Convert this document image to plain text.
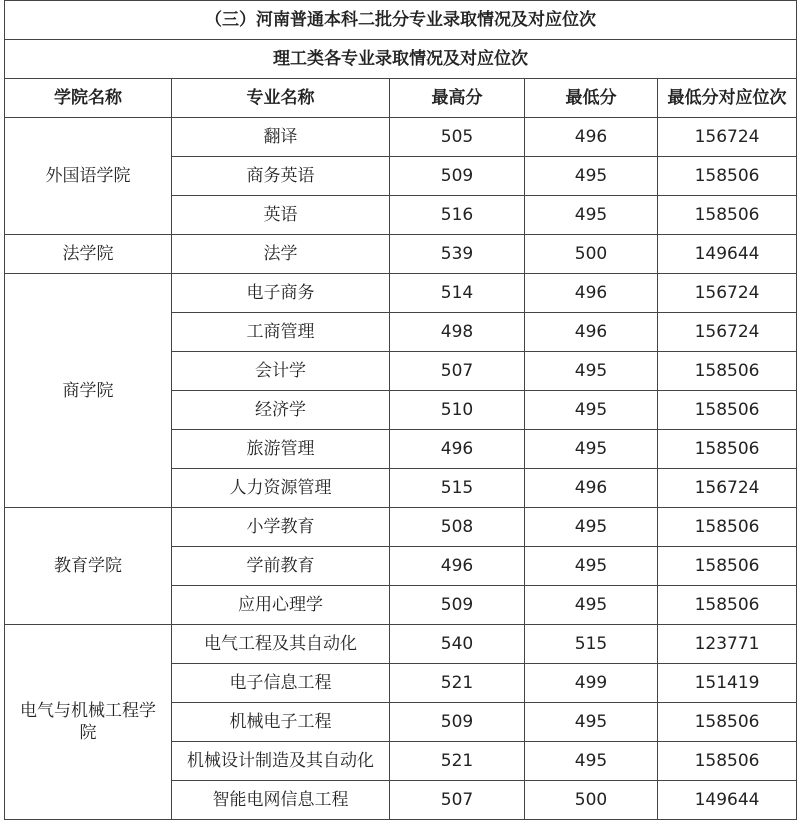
（三）河南普通本科二批分专业录取情况及对应位次				
理工类各专业录取情况及对应位次				
学院名称	专业名称	最高分	最低分	最低分对应位次
外国语学院	翻译	505	496	156724
	商务英语	509	495	158506
	英语	516	495	158506
法学院	法学	539	500	149644
商学院	电子商务	514	496	156724
	工商管理	498	496	156724
	会计学	507	495	158506
	经济学	510	495	158506
	旅游管理	496	495	158506
	人力资源管理	515	496	156724
教育学院	小学教育	508	495	158506
	学前教育	496	495	158506
	应用心理学	509	495	158506
电气与机械工程学院	电气工程及其自动化	540	515	123771
	电子信息工程	521	499	151419
	机械电子工程	509	495	158506
	机械设计制造及其自动化	521	495	158506
	智能电网信息工程	507	500	149644
